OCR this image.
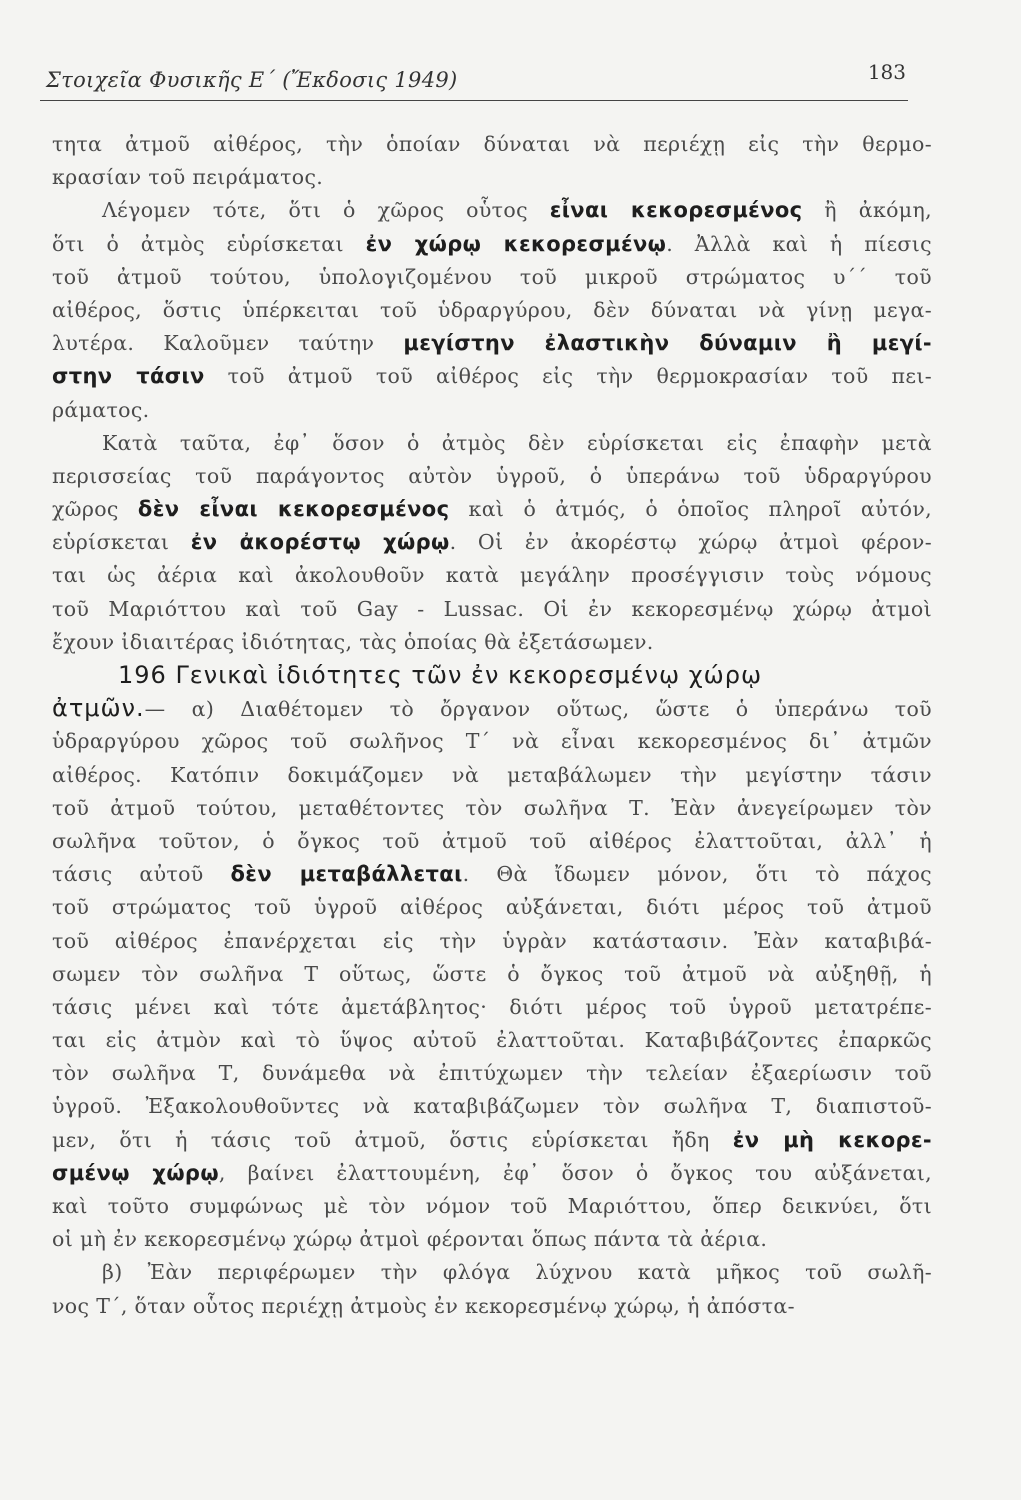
Στοιχεῖα Φυσικῆς Ε΄ (Ἔκδοσις 1949)	183
τητα ἀτμοῦ αἰθέρος, τὴν ὁποίαν δύναται νὰ περιέχῃ εἰς τὴν θερμο-
κρασίαν τοῦ πειράματος.
Λέγομεν τότε, ὅτι ὁ χῶρος οὗτος εἶναι κεκορεσμένος ἢ ἀκόμη,
ὅτι ὁ ἀτμὸς εὑρίσκεται ἐν χώρῳ κεκορεσμένῳ. Ἀλλὰ καὶ ἡ πίεσις
τοῦ ἀτμοῦ τούτου, ὑπολογιζομένου τοῦ μικροῦ στρώματος υ΄΄ τοῦ
αἰθέρος, ὅστις ὑπέρκειται τοῦ ὑδραργύρου, δὲν δύναται νὰ γίνῃ μεγα-
λυτέρα. Καλοῦμεν ταύτην μεγίστην ἐλαστικὴν δύναμιν ἢ μεγί-
στην τάσιν τοῦ ἀτμοῦ τοῦ αἰθέρος εἰς τὴν θερμοκρασίαν τοῦ πει-
ράματος.
Κατὰ ταῦτα, ἐφ᾽ ὅσον ὁ ἀτμὸς δὲν εὑρίσκεται εἰς ἐπαφὴν μετὰ
περισσείας τοῦ παράγοντος αὐτὸν ὑγροῦ, ὁ ὑπεράνω τοῦ ὑδραργύρου
χῶρος δὲν εἶναι κεκορεσμένος καὶ ὁ ἀτμός, ὁ ὁποῖος πληροῖ αὐτόν,
εὑρίσκεται ἐν ἀκορέστῳ χώρῳ. Οἱ ἐν ἀκορέστῳ χώρῳ ἀτμοὶ φέρον-
ται ὡς ἀέρια καὶ ἀκολουθοῦν κατὰ μεγάλην προσέγγισιν τοὺς νόμους
τοῦ Μαριόττου καὶ τοῦ Gay - Lussac. Οἱ ἐν κεκορεσμένῳ χώρῳ ἀτμοὶ
ἔχουν ἰδιαιτέρας ἰδιότητας, τὰς ὁποίας θὰ ἐξετάσωμεν.
196 Γενικαὶ ἰδιότητες τῶν ἐν κεκορεσμένῳ χώρῳ
ἀτμῶν.— α) Διαθέτομεν τὸ ὄργανον οὕτως, ὥστε ὁ ὑπεράνω τοῦ
ὑδραργύρου χῶρος τοῦ σωλῆνος Τ΄ νὰ εἶναι κεκορεσμένος δι᾽ ἀτμῶν
αἰθέρος. Κατόπιν δοκιμάζομεν νὰ μεταβάλωμεν τὴν μεγίστην τάσιν
τοῦ ἀτμοῦ τούτου, μεταθέτοντες τὸν σωλῆνα Τ. Ἐὰν ἀνεγείρωμεν τὸν
σωλῆνα τοῦτον, ὁ ὄγκος τοῦ ἀτμοῦ τοῦ αἰθέρος ἐλαττοῦται, ἀλλ᾽ ἡ
τάσις αὐτοῦ δὲν μεταβάλλεται. Θὰ ἴδωμεν μόνον, ὅτι τὸ πάχος
τοῦ στρώματος τοῦ ὑγροῦ αἰθέρος αὐξάνεται, διότι μέρος τοῦ ἀτμοῦ
τοῦ αἰθέρος ἐπανέρχεται εἰς τὴν ὑγρὰν κατάστασιν. Ἐὰν καταβιβά-
σωμεν τὸν σωλῆνα Τ οὕτως, ὥστε ὁ ὄγκος τοῦ ἀτμοῦ νὰ αὐξηθῇ, ἡ
τάσις μένει καὶ τότε ἀμετάβλητος· διότι μέρος τοῦ ὑγροῦ μετατρέπε-
ται εἰς ἀτμὸν καὶ τὸ ὕψος αὐτοῦ ἐλαττοῦται. Καταβιβάζοντες ἐπαρκῶς
τὸν σωλῆνα Τ, δυνάμεθα νὰ ἐπιτύχωμεν τὴν τελείαν ἐξαερίωσιν τοῦ
ὑγροῦ. Ἐξακολουθοῦντες νὰ καταβιβάζωμεν τὸν σωλῆνα Τ, διαπιστοῦ-
μεν, ὅτι ἡ τάσις τοῦ ἀτμοῦ, ὅστις εὑρίσκεται ἤδη ἐν μὴ κεκορε-
σμένῳ χώρῳ, βαίνει ἐλαττουμένη, ἐφ᾽ ὅσον ὁ ὄγκος του αὐξάνεται,
καὶ τοῦτο συμφώνως μὲ τὸν νόμον τοῦ Μαριόττου, ὅπερ δεικνύει, ὅτι
οἱ μὴ ἐν κεκορεσμένῳ χώρῳ ἀτμοὶ φέρονται ὅπως πάντα τὰ ἀέρια.
β) Ἐὰν περιφέρωμεν τὴν φλόγα λύχνου κατὰ μῆκος τοῦ σωλῆ-
νος Τ΄, ὅταν οὗτος περιέχῃ ἀτμοὺς ἐν κεκορεσμένῳ χώρῳ, ἡ ἀπόστα-
